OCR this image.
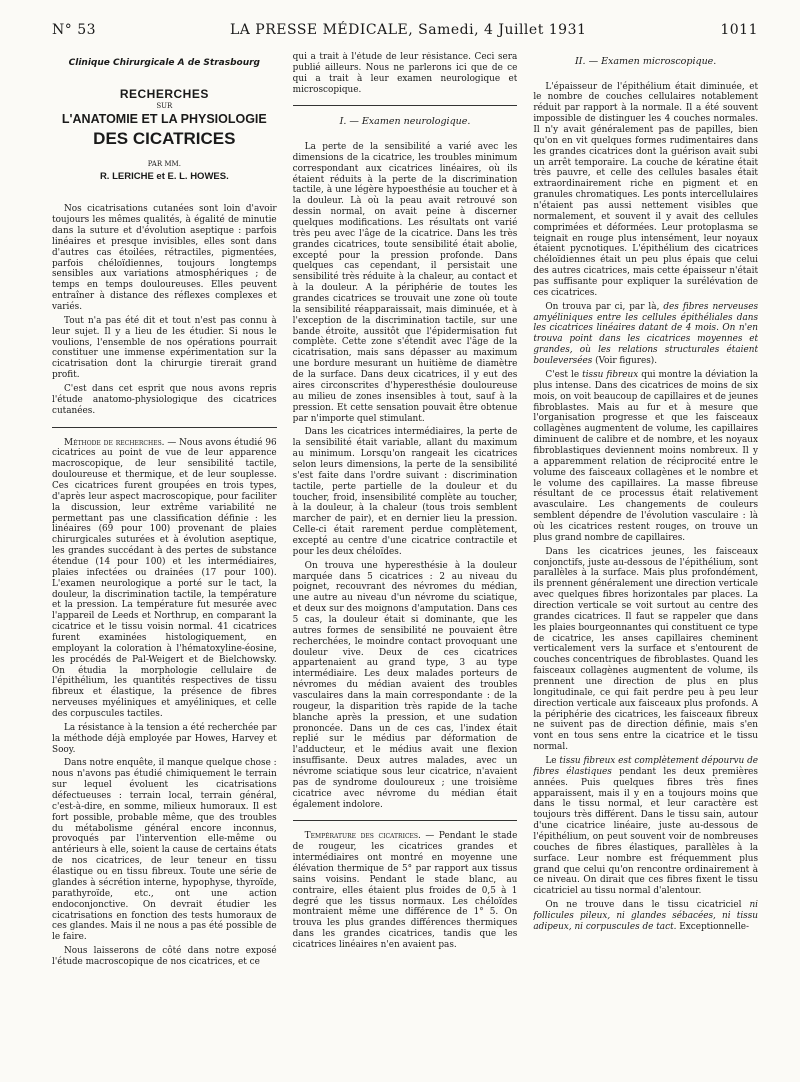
N° 53	LA PRESSE MÉDICALE, Samedi, 4 Juillet 1931	1011
Clinique Chirurgicale A de Strasbourg
RECHERCHES
SUR
L'ANATOMIE ET LA PHYSIOLOGIE
DES CICATRICES
PAR MM.
R. LERICHE et E. L. HOWES.

Nos cicatrisations cutanées sont loin d'avoir toujours les mêmes qualités, à égalité de minutie dans la suture et d'évolution aseptique : parfois linéaires et presque invisibles, elles sont dans d'autres cas étoilées, rétractiles, pigmentées, parfois chéloïdiennes, toujours longtemps sensibles aux variations atmosphériques ; de temps en temps douloureuses. Elles peuvent entraîner à distance des réflexes complexes et variés.

Tout n'a pas été dit et tout n'est pas connu à leur sujet. Il y a lieu de les étudier. Si nous le voulions, l'ensemble de nos opérations pourrait constituer une immense expérimentation sur la cicatrisation dont la chirurgie tirerait grand profit.

C'est dans cet esprit que nous avons repris l'étude anatomo-physiologique des cicatrices cutanées.

Méthode de recherches. — Nous avons étudié 96 cicatrices au point de vue de leur apparence macroscopique, de leur sensibilité tactile, douloureuse et thermique, et de leur souplesse. Ces cicatrices furent groupées en trois types, d'après leur aspect macroscopique, pour faciliter la discussion, leur extrême variabilité ne permettant pas une classification définie : les linéaires (69 pour 100) provenant de plaies chirurgicales suturées et à évolution aseptique, les grandes succédant à des pertes de substance étendue (14 pour 100) et les intermédiaires, plaies infectées ou drainées (17 pour 100). L'examen neurologique a porté sur le tact, la douleur, la discrimination tactile, la température et la pression. La température fut mesurée avec l'appareil de Leeds et Northrup, en comparant la cicatrice et le tissu voisin normal. 41 cicatrices furent examinées histologiquement, en employant la coloration à l'hématoxyline-éosine, les procédés de Pal-Weigert et de Bielchowsky. On étudia la morphologie cellulaire de l'épithélium, les quantités respectives de tissu fibreux et élastique, la présence de fibres nerveuses myéliniques et amyéliniques, et celle des corpuscules tactiles.

La résistance à la tension a été recherchée par la méthode déjà employée par Howes, Harvey et Sooy.

Dans notre enquête, il manque quelque chose : nous n'avons pas étudié chimiquement le terrain sur lequel évoluent les cicatrisations défectueuses : terrain local, terrain général, c'est-à-dire, en somme, milieux humoraux. Il est fort possible, probable même, que des troubles du métabolisme général encore inconnus, provoqués par l'intervention elle-même ou antérieurs à elle, soient la cause de certains états de nos cicatrices, de leur teneur en tissu élastique ou en tissu fibreux. Toute une série de glandes à sécrétion interne, hypophyse, thyroïde, parathyroïde, etc., ont une action endoconjonctive. On devrait étudier les cicatrisations en fonction des tests humoraux de ces glandes. Mais il ne nous a pas été possible de le faire.

Nous laisserons de côté dans notre exposé l'étude macroscopique de nos cicatrices, et ce

qui a trait à l'étude de leur résistance. Ceci sera publié ailleurs. Nous ne parlerons ici que de ce qui a trait à leur examen neurologique et microscopique.

I. — Examen neurologique.

La perte de la sensibilité a varié avec les dimensions de la cicatrice, les troubles minimum correspondant aux cicatrices linéaires, où ils étaient réduits à la perte de la discrimination tactile, à une légère hypoesthésie au toucher et à la douleur. Là où la peau avait retrouvé son dessin normal, on avait peine à discerner quelques modifications. Les résultats ont varié très peu avec l'âge de la cicatrice. Dans les très grandes cicatrices, toute sensibilité était abolie, excepté pour la pression profonde. Dans quelques cas cependant, il persistait une sensibilité très réduite à la chaleur, au contact et à la douleur. A la périphérie de toutes les grandes cicatrices se trouvait une zone où toute la sensibilité réapparaissait, mais diminuée, et à l'exception de la discrimination tactile, sur une bande étroite, aussitôt que l'épidermisation fut complète. Cette zone s'étendit avec l'âge de la cicatrisation, mais sans dépasser au maximum une bordure mesurant un huitième de diamètre de la surface. Dans deux cicatrices, il y eut des aires circonscrites d'hyperesthésie douloureuse au milieu de zones insensibles à tout, sauf à la pression. Et cette sensation pouvait être obtenue par n'importe quel stimulant.

Dans les cicatrices intermédiaires, la perte de la sensibilité était variable, allant du maximum au minimum. Lorsqu'on rangeait les cicatrices selon leurs dimensions, la perte de la sensibilité s'est faite dans l'ordre suivant : discrimination tactile, perte partielle de la douleur et du toucher, froid, insensibilité complète au toucher, à la douleur, à la chaleur (tous trois semblent marcher de pair), et en dernier lieu la pression. Celle-ci était rarement perdue complètement, excepté au centre d'une cicatrice contractile et pour les deux chéloïdes.

On trouva une hyperesthésie à la douleur marquée dans 5 cicatrices : 2 au niveau du poignet, recouvrant des névromes du médian, une autre au niveau d'un névrome du sciatique, et deux sur des moignons d'amputation. Dans ces 5 cas, la douleur était si dominante, que les autres formes de sensibilité ne pouvaient être recherchées, le moindre contact provoquant une douleur vive. Deux de ces cicatrices appartenaient au grand type, 3 au type intermédiaire. Les deux malades porteurs de névromes du médian avaient des troubles vasculaires dans la main correspondante : de la rougeur, la disparition très rapide de la tache blanche après la pression, et une sudation prononcée. Dans un de ces cas, l'index était replié sur le médius par déformation de l'adducteur, et le médius avait une flexion insuffisante. Deux autres malades, avec un névrome sciatique sous leur cicatrice, n'avaient pas de syndrome douloureux ; une troisième cicatrice avec névrome du médian était également indolore.

Température des cicatrices. — Pendant le stade de rougeur, les cicatrices grandes et intermédiaires ont montré en moyenne une élévation thermique de 5° par rapport aux tissus sains voisins. Pendant le stade blanc, au contraire, elles étaient plus froides de 0,5 à 1 degré que les tissus normaux. Les chéloïdes montraient même une différence de 1° 5. On trouva les plus grandes différences thermiques dans les grandes cicatrices, tandis que les cicatrices linéaires n'en avaient pas.

II. — Examen microscopique.

L'épaisseur de l'épithélium était diminuée, et le nombre de couches cellulaires notablement réduit par rapport à la normale. Il a été souvent impossible de distinguer les 4 couches normales. Il n'y avait généralement pas de papilles, bien qu'on en vit quelques formes rudimentaires dans les grandes cicatrices dont la guérison avait subi un arrêt temporaire. La couche de kératine était très pauvre, et celle des cellules basales était extraordinairement riche en pigment et en granules chromatiques. Les ponts intercellulaires n'étaient pas aussi nettement visibles que normalement, et souvent il y avait des cellules comprimées et déformées. Leur protoplasma se teignait en rouge plus intensément, leur noyaux étaient pycnotiques. L'épithélium des cicatrices chéloïdiennes était un peu plus épais que celui des autres cicatrices, mais cette épaisseur n'était pas suffisante pour expliquer la surélévation de ces cicatrices.

On trouva par ci, par là, des fibres nerveuses amyéliniques entre les cellules épithéliales dans les cicatrices linéaires datant de 4 mois. On n'en trouva point dans les cicatrices moyennes et grandes, où les relations structurales étaient bouleversées (Voir figures).

C'est le tissu fibreux qui montre la déviation la plus intense. Dans des cicatrices de moins de six mois, on voit beaucoup de capillaires et de jeunes fibroblastes. Mais au fur et à mesure que l'organisation progresse et que les faisceaux collagènes augmentent de volume, les capillaires diminuent de calibre et de nombre, et les noyaux fibroblastiques deviennent moins nombreux. Il y a apparemment relation de réciprocité entre le volume des faisceaux collagènes et le nombre et le volume des capillaires. La masse fibreuse résultant de ce processus était relativement avasculaire. Les changements de couleurs semblent dépendre de l'évolution vasculaire : là où les cicatrices restent rouges, on trouve un plus grand nombre de capillaires.

Dans les cicatrices jeunes, les faisceaux conjonctifs, juste au-dessous de l'épithélium, sont parallèles à la surface. Mais plus profondément, ils prennent généralement une direction verticale avec quelques fibres horizontales par places. La direction verticale se voit surtout au centre des grandes cicatrices. Il faut se rappeler que dans les plaies bourgeonnantes qui constituent ce type de cicatrice, les anses capillaires cheminent verticalement vers la surface et s'entourent de couches concentriques de fibroblastes. Quand les faisceaux collagènes augmentent de volume, ils prennent une direction de plus en plus longitudinale, ce qui fait perdre peu à peu leur direction verticale aux faisceaux plus profonds. A la périphérie des cicatrices, les faisceaux fibreux ne suivent pas de direction définie, mais s'en vont en tous sens entre la cicatrice et le tissu normal.

Le tissu fibreux est complètement dépourvu de fibres élastiques pendant les deux premières années. Puis quelques fibres très fines apparaissent, mais il y en a toujours moins que dans le tissu normal, et leur caractère est toujours très différent. Dans le tissu sain, autour d'une cicatrice linéaire, juste au-dessous de l'épithélium, on peut souvent voir de nombreuses couches de fibres élastiques, parallèles à la surface. Leur nombre est fréquemment plus grand que celui qu'on rencontre ordinairement à ce niveau. On dirait que ces fibres fixent le tissu cicatriciel au tissu normal d'alentour.

On ne trouve dans le tissu cicatriciel ni follicules pileux, ni glandes sébacées, ni tissu adipeux, ni corpuscules de tact. Exceptionnelle-
